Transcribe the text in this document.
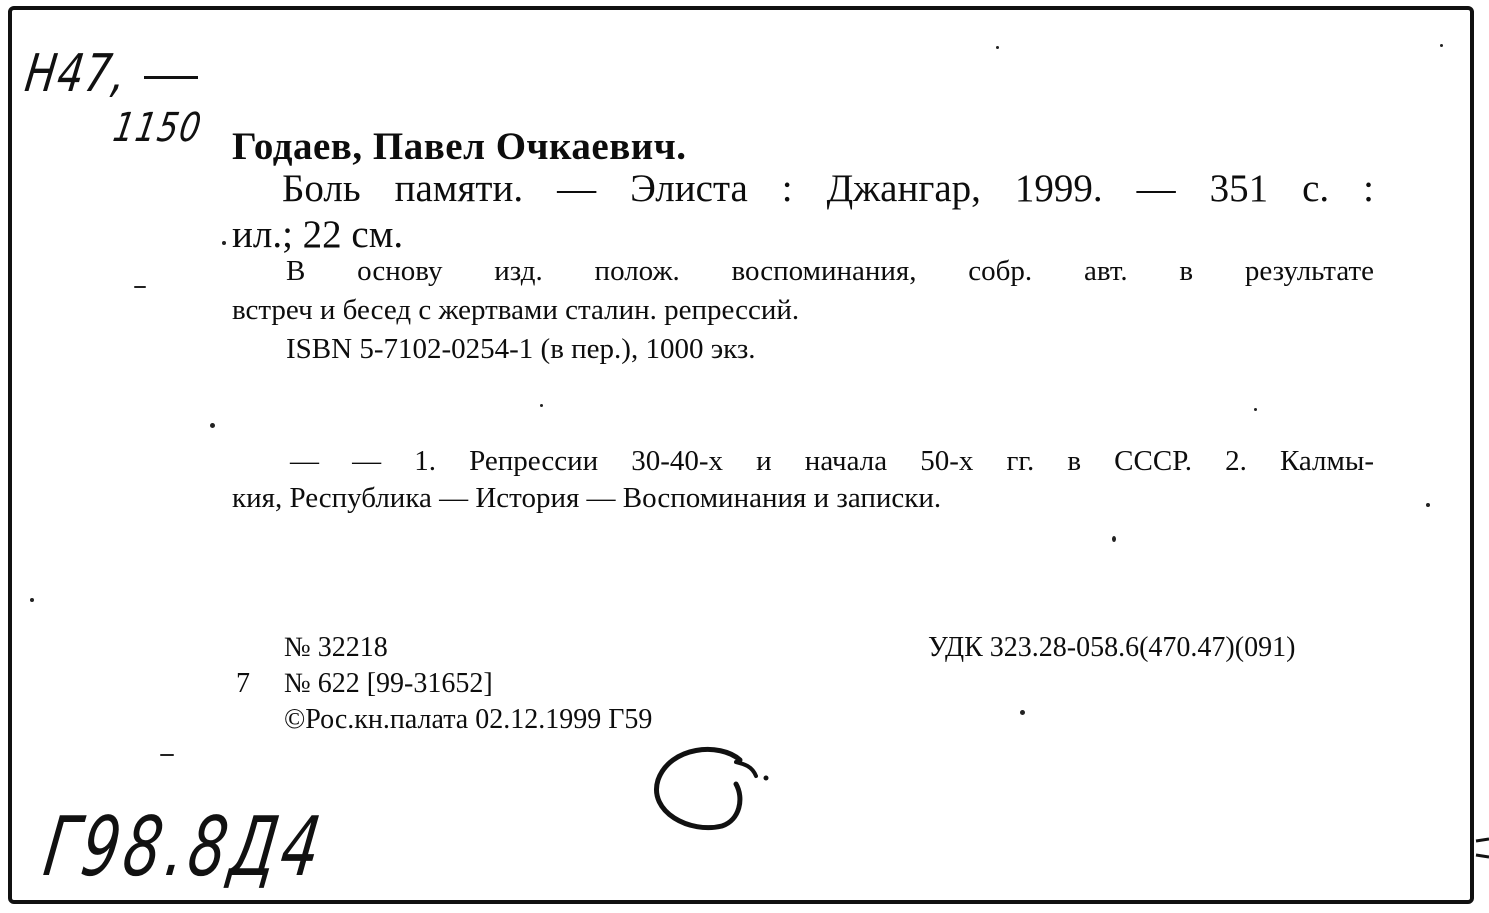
Н47,
1150 Годаев, Павел Очкаевич.
Боль памяти. — Элиста : Джангар, 1999. — 351 с. :
ил.; 22 см.
В основу изд. полож. воспоминания, собр. авт. в результате
встреч и бесед с жертвами сталин. репрессий.
ISBN 5-7102-0254-1 (в пер.), 1000 экз.
— — 1. Репрессии 30-40-х и начала 50-х гг. в СССР. 2. Калмы-
кия, Республика — История — Воспоминания и записки.
№ 32218	УДК 323.28-058.6(470.47)(091)
7 № 622 [99-31652]
©Рос.кн.палата 02.12.1999 Г59
Г98.8Д4
